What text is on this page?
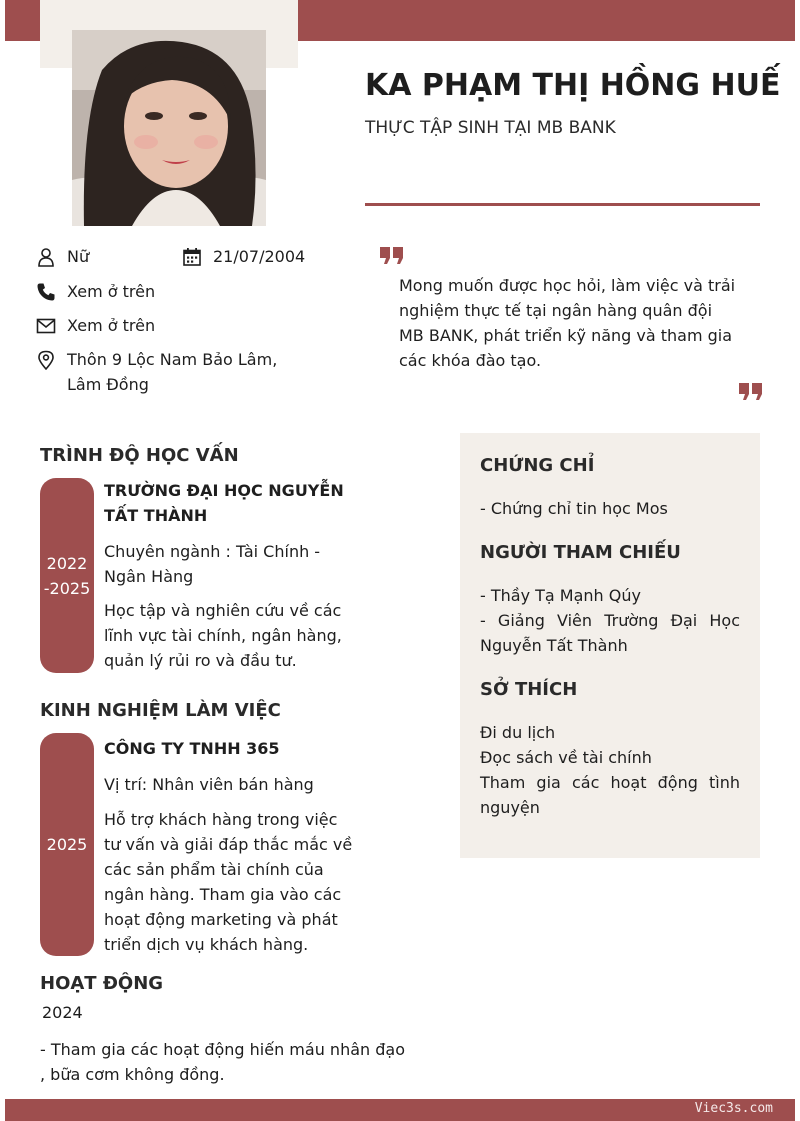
KA PHẠM THỊ HỒNG HUẾ
THỰC TẬP SINH TẠI MB BANK
Nữ	21/07/2004
Xem ở trên
Xem ở trên
Thôn 9 Lộc Nam Bảo Lâm, Lâm Đồng
Mong muốn được học hỏi, làm việc và trải nghiệm thực tế tại ngân hàng quân đội MB BANK, phát triển kỹ năng và tham gia các khóa đào tạo.
TRÌNH ĐỘ HỌC VẤN
2022 -2025
TRƯỜNG ĐẠI HỌC NGUYỄN TẤT THÀNH
Chuyên ngành : Tài Chính - Ngân Hàng
Học tập và nghiên cứu về các lĩnh vực tài chính, ngân hàng, quản lý rủi ro và đầu tư.
KINH NGHIỆM LÀM VIỆC
2025
CÔNG TY TNHH 365
Vị trí: Nhân viên bán hàng
Hỗ trợ khách hàng trong việc tư vấn và giải đáp thắc mắc về các sản phẩm tài chính của ngân hàng. Tham gia vào các hoạt động marketing và phát triển dịch vụ khách hàng.
HOẠT ĐỘNG
2024
- Tham gia các hoạt động hiến máu nhân đạo , bữa cơm không đồng.
CHỨNG CHỈ
- Chứng chỉ tin học Mos
NGƯỜI THAM CHIẾU
- Thầy Tạ Mạnh Qúy
- Giảng Viên Trường Đại Học Nguyễn Tất Thành
SỞ THÍCH
Đi du lịch
Đọc sách về tài chính
Tham gia các hoạt động tình nguyện
Viec3s.com
